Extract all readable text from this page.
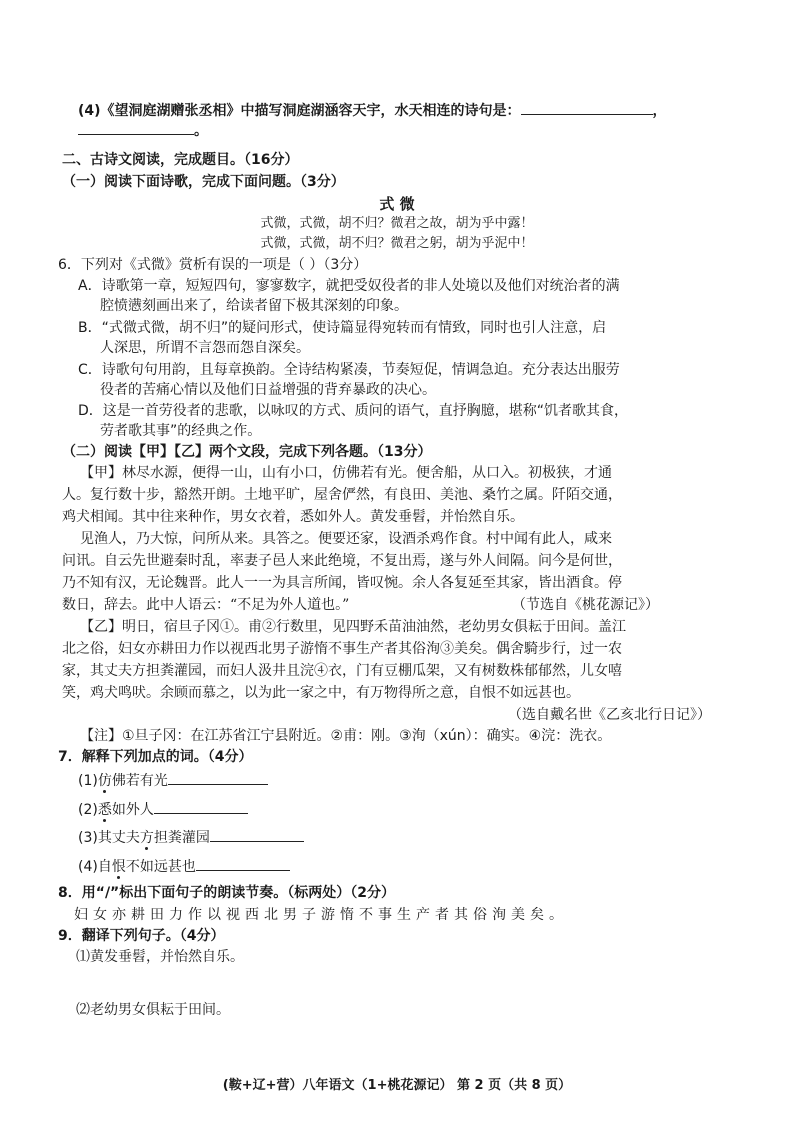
(4)《望洞庭湖赠张丞相》中描写洞庭湖涵容天宇，水天相连的诗句是：	，
。
二、古诗文阅读，完成题目。（16分）
（一）阅读下面诗歌，完成下面问题。（3分）
式 微
式微，式微，胡不归？微君之故，胡为乎中露！
式微，式微，胡不归？微君之躬，胡为乎泥中！
6．下列对《式微》赏析有误的一项是（ ）（3分）
A．诗歌第一章，短短四句，寥寥数字，就把受奴役者的非人处境以及他们对统治者的满
腔愤懑刻画出来了，给读者留下极其深刻的印象。
B．“式微式微，胡不归”的疑问形式，使诗篇显得宛转而有情致，同时也引人注意，启
人深思，所谓不言怨而怨自深矣。
C．诗歌句句用韵，且每章换韵。全诗结构紧凑，节奏短促，情调急迫。充分表达出服劳
役者的苦痛心情以及他们日益增强的背弃暴政的决心。
D．这是一首劳役者的悲歌，以咏叹的方式、质问的语气，直抒胸臆，堪称“饥者歌其食，
劳者歌其事”的经典之作。
（二）阅读【甲】【乙】两个文段，完成下列各题。（13分）
【甲】林尽水源，便得一山，山有小口，仿佛若有光。便舍船，从口入。初极狭，才通
人。复行数十步，豁然开朗。土地平旷，屋舍俨然，有良田、美池、桑竹之属。阡陌交通，
鸡犬相闻。其中往来种作，男女衣着，悉如外人。黄发垂髫，并怡然自乐。
见渔人，乃大惊，问所从来。具答之。便要还家，设酒杀鸡作食。村中闻有此人，咸来
问讯。自云先世避秦时乱，率妻子邑人来此绝境，不复出焉，遂与外人间隔。问今是何世，
乃不知有汉，无论魏晋。此人一一为具言所闻，皆叹惋。余人各复延至其家，皆出酒食。停
数日，辞去。此中人语云：“不足为外人道也。”	（节选自《桃花源记》）
【乙】明日，宿旦子冈①。甫②行数里，见四野禾苗油油然，老幼男女俱耘于田间。盖江
北之俗，妇女亦耕田力作以视西北男子游惰不事生产者其俗洵③美矣。偶舍騎步行，过一农
家，其丈夫方担粪灌园，而妇人汲井且浣④衣，门有豆棚瓜架，又有树数株郁郁然，儿女嘻
笑，鸡犬鸣吠。余顾而慕之，以为此一家之中，有万物得所之意，自恨不如远甚也。
（选自戴名世《乙亥北行日记》）
【注】①旦子冈：在江苏省江宁县附近。②甫：刚。③洵（xún）：确实。④浣：洗衣。
7．解释下列加点的词。（4分）
(1)仿佛若有光
(2)悉如外人
(3)其丈夫方担粪灌园
(4)自恨不如远甚也
8．用“/”标出下面句子的朗读节奏。（标两处）（2分）
妇女亦耕田力作以视西北男子游惰不事生产者其俗洵美矣。
9．翻译下列句子。（4分）
⑴黄发垂髫，并怡然自乐。
⑵老幼男女俱耘于田间。
(鞍+辽+营）八年语文（1+桃花源记） 第 2 页（共 8 页）
